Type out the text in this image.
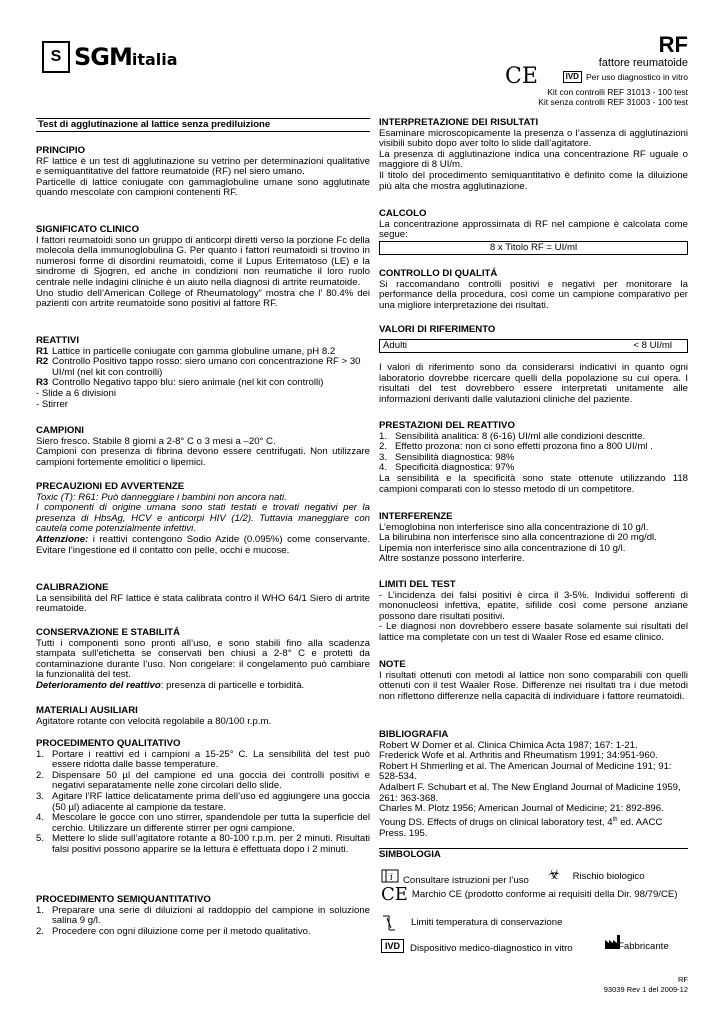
S SGM italia
RF
fattore reumatoide
CE	IVD Per uso diagnostico in vitro
Kit con controlli REF 31013 - 100 test
Kit senza controlli REF 31003 - 100 test
Test di agglutinazione al lattice senza prediluizione
PRINCIPIO
RF lattice è un test di agglutinazione su vetrino per determinazioni qualitative e semiquantitative del fattore reumatoide (RF) nel siero umano.
Particelle di lattice coniugate con gammaglobuline umane sono agglutinate quando mescolate con campioni contenenti RF.
SIGNIFICATO CLINICO
I fattori reumatoidi sono un gruppo di anticorpi diretti verso la porzione Fc della molecola della immunoglobulina G. Per quanto i fattori reumatoidi si trovino in numerosi forme di disordini reumatoidi, come il Lupus Eritematoso (LE) e la sindrome di Sjogren, ed anche in condizioni non reumatiche il loro ruolo centrale nelle indagini cliniche è un aiuto nella diagnosi di artrite reumatoide.
Uno studio dell’American College of Rheumatology” mostra che l’ 80.4% dei pazienti con artrite reumatoide sono positivi al fattore RF.
REATTIVI
R1 Lattice in particelle coniugate con gamma globuline umane, pH 8.2
R2 Controllo Positivo tappo rosso: siero umano con concentrazione RF > 30 UI/ml (nel kit con controlli)
R3 Controllo Negativo tappo blu: siero animale (nel kit con controlli)
- Slide a 6 divisioni
- Stirrer
CAMPIONI
Siero fresco. Stabile 8 giorni a 2-8° C o 3 mesi a –20° C.
Campioni con presenza di fibrina devono essere centrifugati. Non utilizzare campioni fortemente emolitici o lipemici.
PRECAUZIONI ED AVVERTENZE
Toxic (T): R61: Può danneggiare i bambini non ancora nati.
I componenti di origine umana sono stati testati e trovati negativi per la presenza di HbsAg, HCV e anticorpi HIV (1/2). Tuttavia maneggiare con cautela come potenzialmente infettivi.
Attenzione: i reattivi contengono Sodio Azide (0.095%) come conservante. Evitare l’ingestione ed il contatto con pelle, occhi e mucose.
CALIBRAZIONE
La sensibilità del RF lattice è stata calibrata contro il WHO 64/1 Siero di artrite reumatoide.
CONSERVAZIONE E STABILITÁ
Tutti i componenti sono pronti all’uso, e sono stabili fino alla scadenza stampata sull’etichetta se conservati ben chiusi a 2-8° C e protetti da contaminazione durante l’uso. Non congelare: il congelamento può cambiare la funzionalità del test.
Deterioramento del reattivo: presenza di particelle e torbidità.
MATERIALI AUSILIARI
Agitatore rotante con velocità regolabile a 80/100 r.p.m.
PROCEDIMENTO QUALITATIVO
1. Portare i reattivi ed i campioni a 15-25° C. La sensibilità del test può essere ridotta dalle basse temperature.
2. Dispensare 50 µl del campione ed una goccia dei controlli positivi e negativi separatamente nelle zone circolari dello slide.
3. Agitare l’RF lattice delicatamente prima dell’uso ed aggiungere una goccia (50 µl) adiacente al campione da testare.
4. Mescolare le gocce con uno stirrer, spandendole per tutta la superficie del cerchio. Utilizzare un differente stirrer per ogni campione.
5. Mettere lo slide sull’agitatore rotante a 80-100 r.p.m. per 2 minuti. Risultati falsi positivi possono apparire se la lettura è effettuata dopo i 2 minuti.
PROCEDIMENTO SEMIQUANTITATIVO
1. Preparare una serie di diluizioni al raddoppio del campione in soluzione salina 9 g/l.
2. Procedere con ogni diluizione come per il metodo qualitativo.
INTERPRETAZIONE DEI RISULTATI
Esaminare microscopicamente la presenza o l’assenza di agglutinazioni visibili subito dopo aver tolto lo slide dall’agitatore.
La presenza di agglutinazione indica una concentrazione RF uguale o maggiore di 8 UI/m.
Il titolo del procedimento semiquantitativo è definito come la diluizione più alta che mostra agglutinazione.
CALCOLO
La concentrazione approssimata di RF nel campione è calcolata come segue:
8 x Titolo RF = UI/ml
CONTROLLO DI QUALITÁ
Si raccomandano controlli positivi e negativi per monitorare la performance della procedura, così come un campione comparativo per una migliore interpretazione dei risultati.
VALORI DI RIFERIMENTO
Adulti	< 8 UI/ml
I valori di riferimento sono da considerarsi indicativi in quanto ogni laboratorio dovrebbe ricercare quelli della popolazione su cui opera. I risultati del test dovrebbero essere interpretati unitamente alle informazioni derivanti dalle valutazioni cliniche del paziente.
PRESTAZIONI DEL REATTIVO
1. Sensibilità analitica: 8 (6-16) UI/ml alle condizioni descritte.
2. Effetto prozona: non ci sono effetti prozona fino a 800 UI/ml .
3. Sensibilità diagnostica: 98%
4. Specificità diagnostica: 97%
La sensibilità e la specificità sono state ottenute utilizzando 118 campioni comparati con lo stesso metodo di un competitore.
INTERFERENZE
L’emoglobina non interferisce sino alla concentrazione di 10 g/l.
La bilirubina non interferisce sino alla concentrazione di 20 mg/dl.
Lipemia non interferisce sino alla concentrazione di 10 g/l.
Altre sostanze possono interferire.
LIMITI DEL TEST
- L’incidenza dei falsi positivi è circa il 3-5%. Individui sofferenti di mononucleosi infettiva, epatite, sifilide così come persone anziane possono dare risultati positivi.
- Le diagnosi non dovrebbero essere basate solamente sui risultati del lattice ma completate con un test di Waaler Rose ed esame clinico.
NOTE
I risultati ottenuti con metodi al lattice non sono comparabili con quelli ottenuti con il test Waaler Rose. Differenze nei risultati tra i due metodi non riflettono differenze nella capacità di individuare i fattore reumatoidi.
BIBLIOGRAFIA
Robert W Dorner et al. Clinica Chimica Acta 1987; 167: 1-21.
Frederick Wofe et al. Arthritis and Rheumatism 1991; 34:951-960.
Robert H Shmerling et al. The American Journal of Medicine 191; 91: 528-534.
Adalbert F. Schubart et al. The New England Journal of Madicine 1959, 261: 363-368.
Charles M. Plotz 1956; American Journal of Medicine; 21: 892-896.
Young DS. Effects of drugs on clinical laboratory test, 4th ed. AACC Press. 195.
SIMBOLOGIA
i Consultare istruzioni per l’uso ☣ Rischio biologico
CE Marchio CE (prodotto conforme ai requisiti della Dir. 98/79/CE)
Limiti temperatura di conservazione
IVD	Dispositivo medico-diagnostico in vitro	Fabbricante
RF
93039 Rev 1 del 2009-12
